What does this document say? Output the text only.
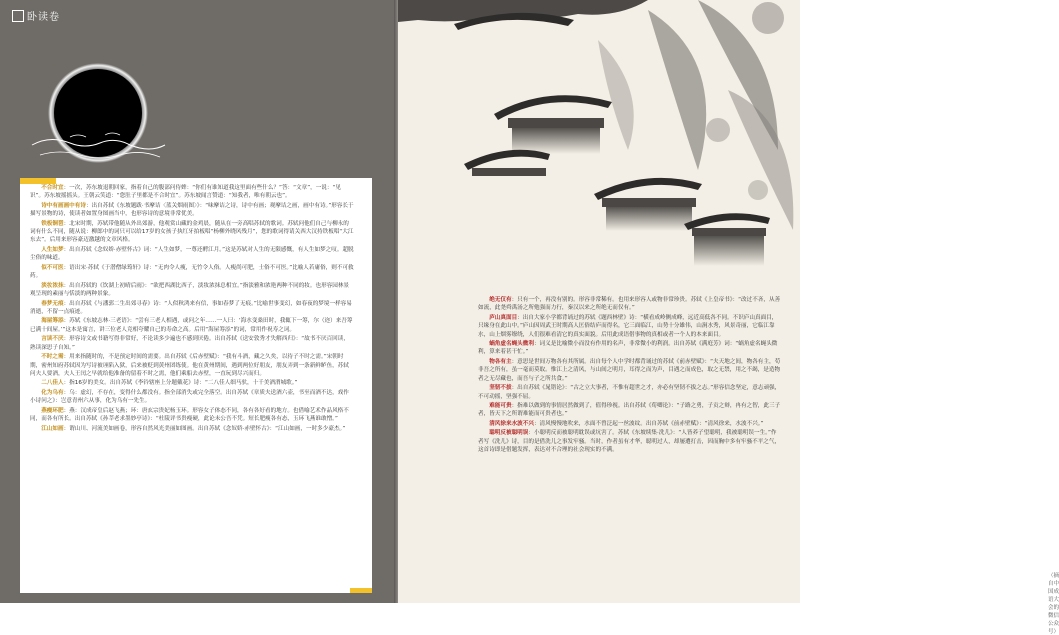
卧读卷

不合时宜：一次，苏东坡退朝回家，指着自己的腹部问侍婢：“你们有谁知道我这里面有些什么？”答：“文章”，一说：“见识”。苏东坡摇摇头。王朝云笑道：“您肚子里都是不合时宜”。苏东坡闻言赞道：“知我者，唯有朝云也”。

诗中有画画中有诗：出自苏轼《东坡题跋·书摩诘〈蓝关烟雨图〉》：“味摩诘之诗，诗中有画；观摩诘之画，画中有诗。”形容长于描写景物的诗，使读者如置身图画当中，也形容诗的意境非常优美。

铁板铜琶：北宋时期，苏轼带他随从外出郊游，他观赏山藏的金鸡晨，随从在一旁高唱苏轼的歌词。苏轼问他们自己与柳永的词有什么不同，随从说：柳郎中的词只可以给17岁的女孩子执红牙拍板唱“杨柳外晓风残月”，您的歌词得请关西大汉持铁板唱“大江东去”。后用来形容豪迈激越的文章风格。

人生如梦：出自苏轼《念奴娇·赤壁怀古》词：“人生如梦，一尊还酹江月。”这是苏轼对人生的无限感慨，有人生如梦之叹。超脱尘俗的味道。

似不可医：语出宋·苏轼《于潜僧绿筠轩》诗：“无肉令人瘦，无竹令人俗。人瘦尚可肥，士俗不可医。”比喻人若庸俗，则不可救药。

淡妆浓抹：出自苏轼的《饮湖上初晴后雨》：“欲把西湖比西子，淡妆浓抹总相宜。”指淡雅和浓艳两种不同的妆。也形容园林景观呈现的素丽与恬淡的两种景象。

春梦无痕：出自苏轼《与潘郭二生出郊寻春》诗：“人似秋鸿来有信，事如春梦了无痕。”比喻世事变幻，如春夜的梦境一样容易消逝，不留一点痕迹。

海屋筹添：苏轼《东坡志林·三老语》：“尝有三老人相遇，或问之年……一人曰：‘海水变桑田时，我辄下一筹，尔（迩）来吾筹已满十间屋。’”这本是寓言，讲三位老人竞相夸耀自己的寿命之高。后用“海屋筹添”的词，常用作祝寿之词。

言读不厌：形容诗文或书籍写得非常好，不论读多少遍也不感到厌倦。出自苏轼《送安敦秀才失解西归》：“故书不厌百回读，熟读深思子自知。”

不时之需：用来指随时的，不是预定时间的需要。出自苏轼《后赤壁赋》：“我有斗酒，藏之久矣，以待子不时之需。”宋朝时期，密州知府苏轼因为写诗被诬陷入狱，后来被贬到黄州团练使。他在黄州期间，遇到两位好朋友，朋友弄到一条新鲜鲈鱼，苏轼问夫人要酒，夫人王闰之早就给他准备的留着不时之需，他们乘船去赤壁，一直玩到尽兴而归。

二八佳人：指16岁的美女。出自苏轼《李钤辖座上分题戴花》诗：“二八佳人细马驮，十千美酒渭城歌。”

化为乌有：乌：虚幻，不存在，变得什么都没有。指全部消失或完全落空。出自苏轼《章质夫送酒六壶，书至而酒不达，戏作小诗问之》：岂意青州六从事，化为乌有一先生。

燕瘦环肥：燕：汉成帝皇后赵飞燕；环：唐玄宗贵妃杨玉环。形容女子体态不同，各有各好看的地方。也借喻艺术作品风格不同，而各有所长。出自苏轼《孙莘老求墨妙亭诗》：“杜陵评书贵瘦硬，此论未公吾不凭。短长肥瘦各有态，玉环飞燕谁敢憎。”

江山如画：谓山川、河流美如画卷，形容自然风光美丽如图画。出自苏轼《念奴娇·赤壁怀古》：“江山如画，一时多少豪杰。”

（摘自中国成语大会的微信公众号）

绝无仅有：只有一个，再没有别的。形容非常稀有。也用来形容人或物非常珍贵。苏轼《上皇帝书》：“改过不吝，从善如流，此尧舜禹汤之所勉强而力行，秦汉以来之所绝无而仅有。”

庐山真面目：出自大家小学都背诵过的苏轼《题西林壁》诗：“横看成岭侧成峰，远近高低各不同。不识庐山真面目，只缘身在此山中。”庐山因周武王时期高人匡俗结庐而得名，它三面临江，山势十分雄伟，山涧水秀，风景奇丽，它临江靠水，山上烟雾缭绕，人们很难看清它的真实面貌。后用此成语借事物的真相或者一个人的本来面目。

蜗角虚名蝇头微利：词义是比喻微小而没有作用的名声，非常微小的利润。出自苏轼《满庭芳》词：“蜗角虚名蝇头微利，算来着甚干忙。”

物各有主：意思是世间万物各有其所属。出自每个人中学时都背诵过的苏轼《前赤壁赋》：“夫天地之间，物各有主，苟非吾之所有，虽一毫而莫取。惟江上之清风，与山间之明月，耳得之而为声，目遇之而成色，取之无禁，用之不竭，是造物者之无尽藏也，而吾与子之所共食。”

坚韧不拔：出自苏轼《晁错论》：“古之立大事者，不惟有超世之才，亦必有坚韧不拔之志。”形容信念坚定，意志顽强，不可动摇，坚强不屈。

难能可贵：指难以做到的事情居然做到了，值得珍视。出自苏轼《荀卿论》：“子路之勇，子贡之辩，冉有之智，此三子者，皆天下之所谓难能而可贵者也。”

清风徐来水波不兴：清风慢慢地吹来，水面不曾泛起一丝波纹。出自苏轼《前赤壁赋》：“清风徐来，水波不兴。”

聪明反被聪明误：小聪明反而被聪明耽误或坑害了。苏轼《东坡续集·洗儿》：“人皆养子望聪明，我被聪明误一生。”作者写《洗儿》诗，目的是借洗儿之事发牢骚。当时，作者虽有才华，聪明过人，却屡遭打击，因而胸中多有牢骚不平之气，这首诗即是借题发挥，表达对不合理的社会现实的不满。
